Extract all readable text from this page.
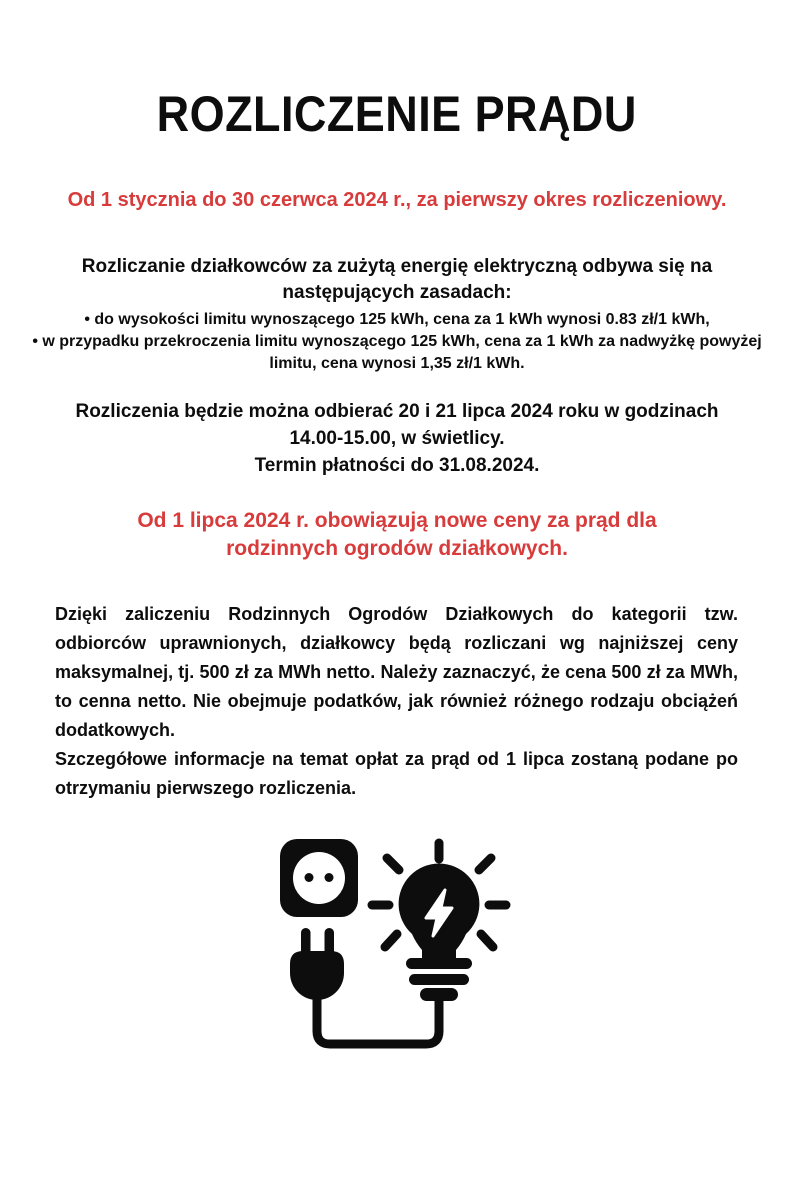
ROZLICZENIE PRĄDU
Od 1 stycznia do 30 czerwca 2024 r., za pierwszy okres rozliczeniowy.
Rozliczanie działkowców za zużytą energię elektryczną odbywa się na
następujących zasadach:
• do wysokości limitu wynoszącego 125 kWh, cena za 1 kWh wynosi 0.83 zł/1 kWh,
• w przypadku przekroczenia limitu wynoszącego 125 kWh, cena za 1 kWh za nadwyżkę powyżej limitu, cena wynosi 1,35 zł/1 kWh.
Rozliczenia będzie można odbierać 20 i 21 lipca 2024 roku w godzinach
14.00-15.00, w świetlicy.
Termin płatności do 31.08.2024.
Od 1 lipca 2024 r. obowiązują nowe ceny za prąd dla
rodzinnych ogrodów działkowych.

Dzięki zaliczeniu Rodzinnych Ogrodów Działkowych do kategorii tzw. odbiorców uprawnionych, działkowcy będą rozliczani wg najniższej ceny maksymalnej, tj. 500 zł za MWh netto. Należy zaznaczyć, że cena 500 zł za MWh, to cenna netto. Nie obejmuje podatków, jak również różnego rodzaju obciążeń dodatkowych.

Szczegółowe informacje na temat opłat za prąd od 1 lipca zostaną podane po otrzymaniu pierwszego rozliczenia.
